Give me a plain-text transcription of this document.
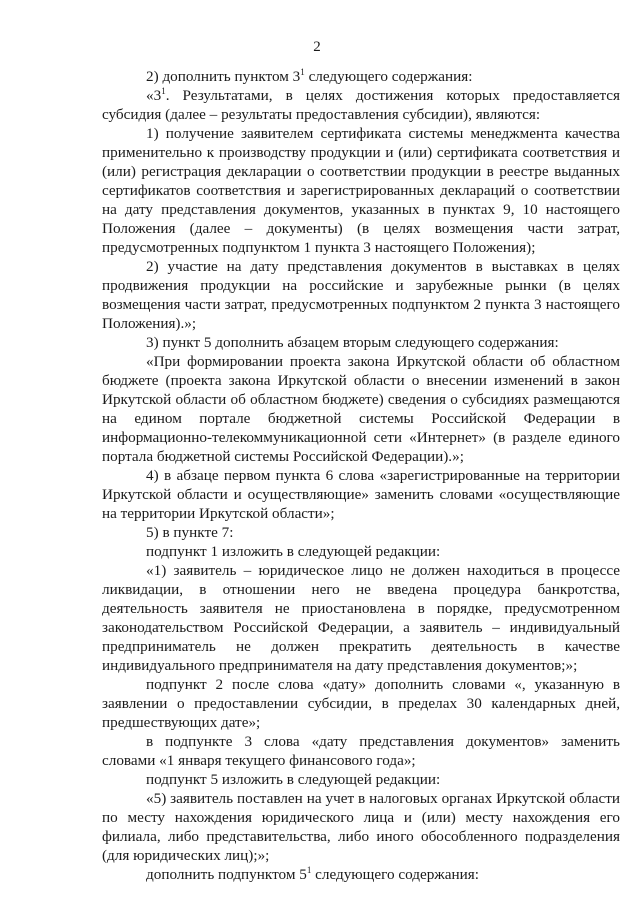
2

2) дополнить пунктом $3^1$ следующего содержания:

«$3^1$. Результатами, в целях достижения которых предоставляется субсидия (далее – результаты предоставления субсидии), являются:

1) получение заявителем сертификата системы менеджмента качества применительно к производству продукции и (или) сертификата соответствия и (или) регистрация декларации о соответствии продукции в реестре выданных сертификатов соответствия и зарегистрированных деклараций о соответствии на дату представления документов, указанных в пунктах 9, 10 настоящего Положения (далее – документы) (в целях возмещения части затрат, предусмотренных подпунктом 1 пункта 3 настоящего Положения);

2) участие на дату представления документов в выставках в целях продвижения продукции на российские и зарубежные рынки (в целях возмещения части затрат, предусмотренных подпунктом 2 пункта 3 настоящего Положения).»;

3) пункт 5 дополнить абзацем вторым следующего содержания:

«При формировании проекта закона Иркутской области об областном бюджете (проекта закона Иркутской области о внесении изменений в закон Иркутской области об областном бюджете) сведения о субсидиях размещаются на едином портале бюджетной системы Российской Федерации в информационно-телекоммуникационной сети «Интернет» (в разделе единого портала бюджетной системы Российской Федерации).»;

4) в абзаце первом пункта 6 слова «зарегистрированные на территории Иркутской области и осуществляющие» заменить словами «осуществляющие на территории Иркутской области»;

5) в пункте 7:

подпункт 1 изложить в следующей редакции:

«1) заявитель – юридическое лицо не должен находиться в процессе ликвидации, в отношении него не введена процедура банкротства, деятельность заявителя не приостановлена в порядке, предусмотренном законодательством Российской Федерации, а заявитель – индивидуальный предприниматель не должен прекратить деятельность в качестве индивидуального предпринимателя на дату представления документов;»;

подпункт 2 после слова «дату» дополнить словами «, указанную в заявлении о предоставлении субсидии, в пределах 30 календарных дней, предшествующих дате»;

в подпункте 3 слова «дату представления документов» заменить словами «1 января текущего финансового года»;

подпункт 5 изложить в следующей редакции:

«5) заявитель поставлен на учет в налоговых органах Иркутской области по месту нахождения юридического лица и (или) месту нахождения его филиала, либо представительства, либо иного обособленного подразделения (для юридических лиц);»;

дополнить подпунктом $5^1$ следующего содержания:
